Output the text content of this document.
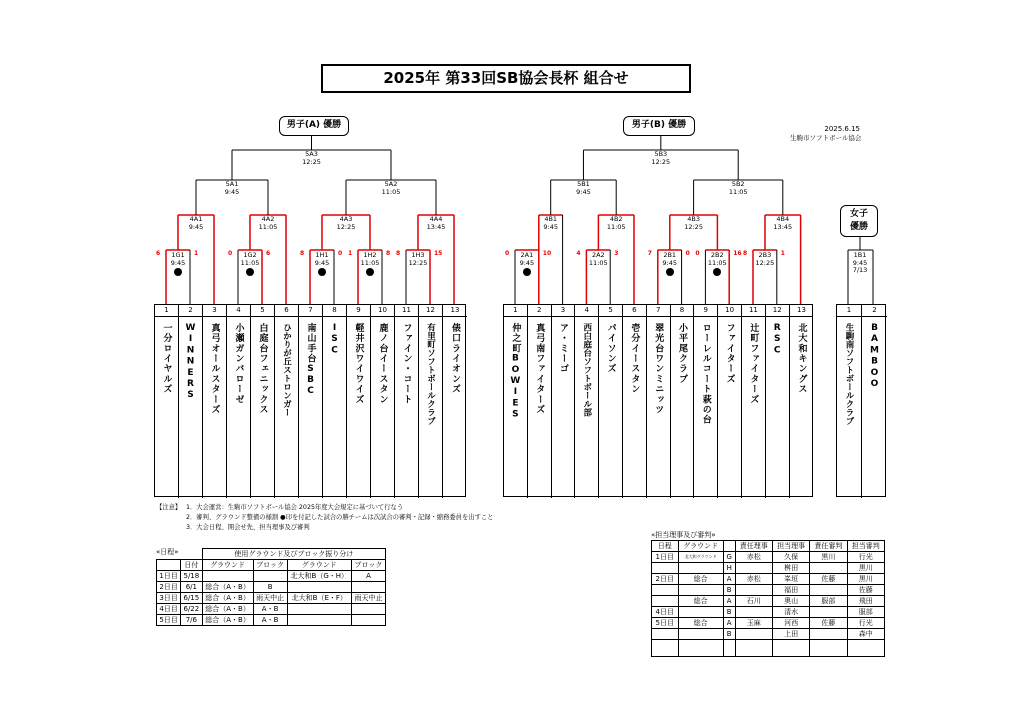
2025年 第33回SB協会長杯 組合せ
男子(A) 優勝	男子(B) 優勝
女子
優勝
2025.6.15
生駒市ソフトボール協会
1G1
9:45
6	1
4A1
9:45
1G2
11:05
0	6
4A2
11:05
1H1
9:45
8	0	1H2
11:05
1	8
4A3
12:25
1H3
12:25
8	15
4A4
13:45
5A1
9:45
5A2
11:05
5A3
12:25
2A1
9:45
0	10
4B1
9:45
2A2
11:05
4	3
4B2
11:05
2B1
9:45
7	0	2B2
11:05
0	16
4B3
12:25
2B3
12:25
8	1
4B4
13:45
5B1
9:45
5B2
11:05
5B3
12:25
1B1
9:45
7/13
1
一分ロイヤルズ
2
WINNERS
3
真弓オールスターズ
4
小瀬ガンバローゼ
5
白庭台フェニックス
6
ひかりが丘ストロンガー
7
南山手台SBC
8
ISC
9
軽井沢ワイワイズ
10
鹿ノ台イースタン
11
ファイン・コート
12
有里町ソフトボールクラブ
13
俵口ライオンズ
1
仲之町BOWIES
2
真弓南ファイターズ
3
ア・ミーゴ
4
西白庭台ソフトボール部
5
パイソンズ
6
壱分イースタン
7
翠光台ワンミニッツ
8
小平尾クラブ
9
ローレルコート萩の台
10
ファイターズ
11
辻町ファイターズ
12
RSC
13
北大和キングス
1
生駒南ソフトボールクラブ
2
BAMBOO
【注意】 1．大会運営：生駒市ソフトボール協会 2025年度大会規定に基づいて行なう
2．審判、グラウンド整備の様割 ●印を付記した試合の勝チームは次試合の審判・記録・縮務委員を出すこと
3．大会日程、開会せ先、担当理事及び審判
«日程»
		使用グラウンド及びブロック振り分け			
	日付	グラウンド	ブロック	グラウンド	ブロック
1日目	5/18			北大和B（G・H）	A
2日目	6/1	総合（A・B）	B		
3日目	6/15	総合（A・B）	雨天中止	北大和B（E・F）	雨天中止
4日目	6/22	総合（A・B）	A・B		
5日目	7/6	総合（A・B）	A・B		
«担当理事及び審判»
日程	グラウンド		責任理事	担当理事	責任審判	担当審判
1日目	北大和グラウンド	G	赤松	久保	黒川	行光
		H		桝田		黒川
2日目	総合	A	赤松	峯垣	佐藤	黒川
		B		福田		佐藤
	総合	A	石川	奥山	服部	飛田
4日目		B		清水		服部
5日目	総合	A	玉麻	河西	佐藤	行光
		B		上田		森中
